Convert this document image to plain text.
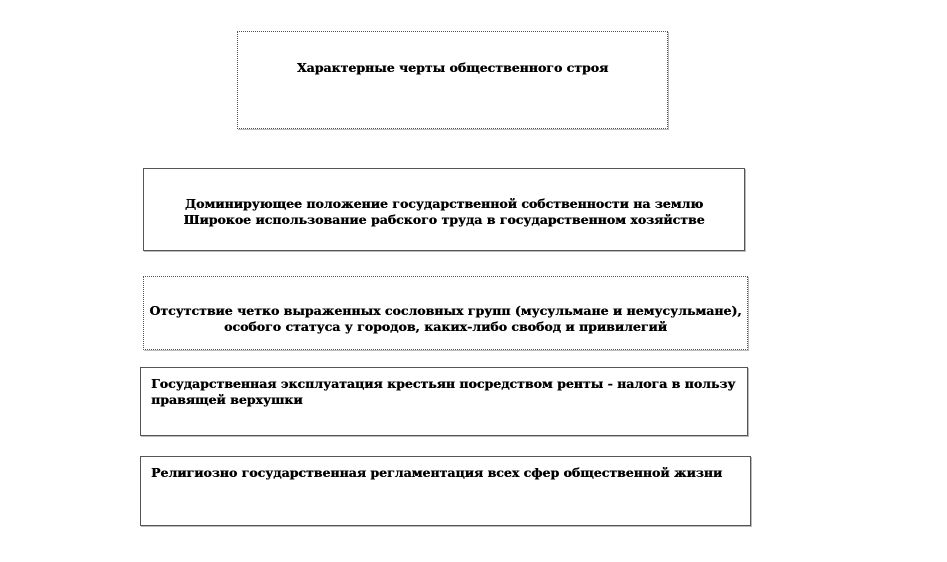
Характерные черты общественного строя
Доминирующее положение государственной собственности на землю
Широкое использование рабского труда в государственном хозяйстве
Отсутствие четко выраженных сословных групп (мусульмане и немусульмане),
особого статуса у городов, каких-либо свобод и привилегий
Государственная эксплуатация крестьян посредством ренты - налога в пользу
правящей верхушки
Религиозно государственная регламентация всех сфер общественной жизни
